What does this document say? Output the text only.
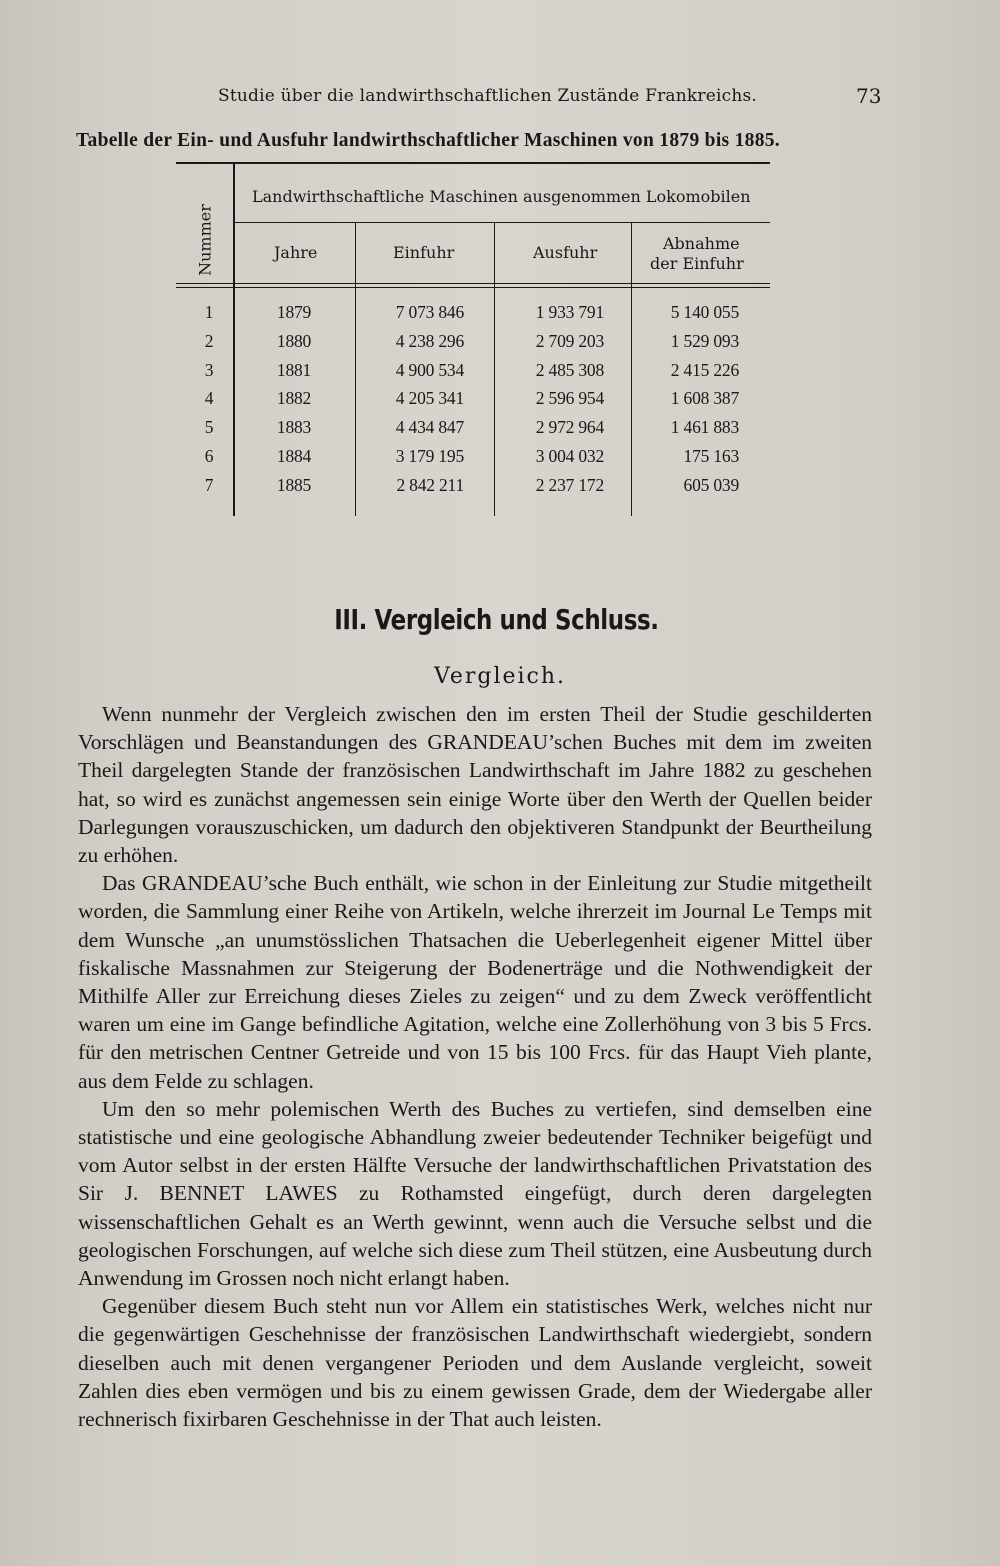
Studie über die landwirthschaftlichen Zustände Frankreichs.	73
Tabelle der Ein- und Ausfuhr landwirthschaftlicher Maschinen von 1879 bis 1885.
Nummer
Landwirthschaftliche Maschinen ausgenommen Lokomobilen
Jahre	Einfuhr	Ausfuhr	Abnahme
der Einfuhr
1	1879	7 073 846	1 933 791	5 140 055
2	1880	4 238 296	2 709 203	1 529 093
3	1881	4 900 534	2 485 308	2 415 226
4	1882	4 205 341	2 596 954	1 608 387
5	1883	4 434 847	2 972 964	1 461 883
6	1884	3 179 195	3 004 032	175 163
7	1885	2 842 211	2 237 172	605 039
III. Vergleich und Schluss.
Vergleich.

Wenn nunmehr der Vergleich zwischen den im ersten Theil der Studie geschilderten Vorschlägen und Beanstandungen des GRANDEAU’schen Buches mit dem im zweiten Theil dargelegten Stande der französischen Landwirthschaft im Jahre 1882 zu geschehen hat, so wird es zunächst angemessen sein einige Worte über den Werth der Quellen beider Darlegungen vorauszuschicken, um dadurch den objektiveren Standpunkt der Beurtheilung zu erhöhen.

Das GRANDEAU’sche Buch enthält, wie schon in der Einleitung zur Studie mitgetheilt worden, die Sammlung einer Reihe von Artikeln, welche ihrerzeit im Journal Le Temps mit dem Wunsche „an unumstösslichen Thatsachen die Ueberlegenheit eigener Mittel über fiskalische Massnahmen zur Steigerung der Bodenerträge und die Nothwendigkeit der Mithilfe Aller zur Erreichung dieses Zieles zu zeigen“ und zu dem Zweck veröffentlicht waren um eine im Gange befindliche Agitation, welche eine Zollerhöhung von 3 bis 5 Frcs. für den metrischen Centner Getreide und von 15 bis 100 Frcs. für das Haupt Vieh plante, aus dem Felde zu schlagen.

Um den so mehr polemischen Werth des Buches zu vertiefen, sind demselben eine statistische und eine geologische Abhandlung zweier bedeutender Techniker beigefügt und vom Autor selbst in der ersten Hälfte Versuche der landwirthschaftlichen Privatstation des Sir J. BENNET LAWES zu Rothamsted eingefügt, durch deren dargelegten wissenschaftlichen Gehalt es an Werth gewinnt, wenn auch die Versuche selbst und die geologischen Forschungen, auf welche sich diese zum Theil stützen, eine Ausbeutung durch Anwendung im Grossen noch nicht erlangt haben.

Gegenüber diesem Buch steht nun vor Allem ein statistisches Werk, welches nicht nur die gegenwärtigen Geschehnisse der französischen Landwirthschaft wiedergiebt, sondern dieselben auch mit denen vergangener Perioden und dem Auslande vergleicht, soweit Zahlen dies eben vermögen und bis zu einem gewissen Grade, dem der Wiedergabe aller rechnerisch fixirbaren Geschehnisse in der That auch leisten.
